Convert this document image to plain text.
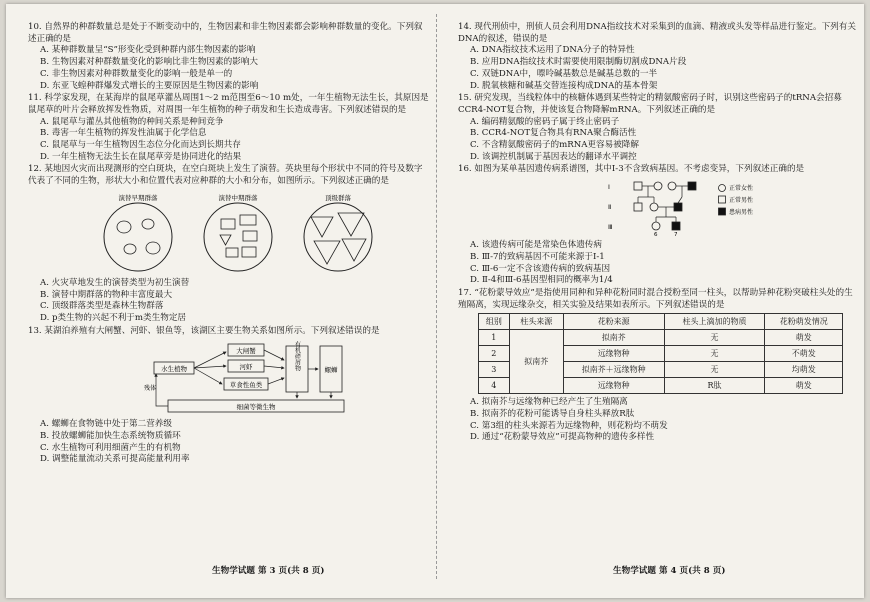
10. 自然界的种群数量总是处于不断变动中的，生物因素和非生物因素都会影响种群数量的变化。下列叙述正确的是
A. 某种群数量呈“S”形变化受到种群内部生物因素的影响
B. 生物因素对种群数量变化的影响比非生物因素的影响大
C. 非生物因素对种群数量变化的影响一般是单一的
D. 东亚飞蝗种群爆发式增长的主要原因是生物因素的影响
11. 科学家发现，在某海岸的鼠尾草灌丛周围1～2 m范围至6～10 m处，一年生植物无法生长，其原因是鼠尾草的叶片会释放挥发性物质，对周围一年生植物的种子萌发和生长造成毒害。下列叙述错误的是
A. 鼠尾草与灌丛其他植物的种间关系是种间竞争
B. 毒害一年生植物的挥发性油属于化学信息
C. 鼠尾草与一年生植物因生态位分化而达到长期共存
D. 一年生植物无法生长在鼠尾草旁是协同进化的结果
12. 某地因火灾而出现测形的空白斑块，在空白斑块上发生了演替。英块里每个形状中不同的符号及数字代表了不同的生物，形状大小和位置代表对应种群的大小和分布，如图所示。下列叙述正确的是
演替早期群落	演替中期群落	顶级群落
A. 火灾草地发生的演替类型为初生演替
B. 演替中期群落的物种丰富度最大
C. 顶级群落类型是森林生物群落
D. p类生物的兴起不利于m类生物定居
13. 某湖泊养殖有大闸蟹、河虾、银鱼等，该湖区主要生物关系如图所示。下列叙述错误的是
大闸蟹
河虾
水生植物
草食性鱼类
有机碎屑物	螺蛳
残体
细菌等微生物
A. 螺蛳在食物链中处于第二营养级
B. 投放螺蛳能加快生态系统物质循环
C. 水生植物可利用细菌产生的有机物
D. 调整能量流动关系可提高能量利用率
14. 现代刑侦中，刑侦人员会利用DNA指纹技术对采集到的血滴、精液或头发等样品进行鉴定。下列有关DNA的叙述，错误的是
A. DNA指纹技术运用了DNA分子的特异性
B. 应用DNA指纹技术时需要使用限制酶切割成DNA片段
C. 双链DNA中，嘌呤碱基数总是碱基总数的一半
D. 脱氧核糖和碱基交替连接构成DNA的基本骨架
15. 研究发现，当线粒体中的核糖体遇到某些特定的精氨酸密码子时，识别这些密码子的tRNA会招募CCR4-NOT复合物，并使该复合物降解mRNA。下列叙述正确的是
A. 编码精氨酸的密码子属于终止密码子
B. CCR4-NOT复合物具有RNA聚合酶活性
C. 不含精氨酸密码子的mRNA更容易被降解
D. 该调控机制属于基因表达的翻译水平调控
16. 如图为某单基因遗传病系谱图，其中Ⅰ-3不含致病基因。不考虑变异，下列叙述正确的是
Ⅰ
Ⅱ
Ⅲ
6	7
正常女性
正常男性
患病男性
A. 该遗传病可能是常染色体遗传病
B. Ⅲ-7的致病基因不可能来源于Ⅰ-1
C. Ⅲ-6一定不含该遗传病的致病基因
D. Ⅱ-4和Ⅲ-6基因型相同的概率为1/4
17. “花粉蒙导效应”是指使用同种和异种花粉同时混合授粉至同一柱头，以帮助异种花粉突破柱头处的生殖隔离，实现远缘杂交，相关实验及结果如表所示。下列叙述错误的是
组别	柱头来源	花粉来源	柱头上滴加的物质	花粉萌发情况
1	拟南芥	拟南芥	无	萌发
2		远缘物种	无	不萌发
3		拟南芥＋远缘物种	无	均萌发
4		远缘物种	R肽	萌发
A. 拟南芥与远缘物种已经产生了生殖隔离
B. 拟南芥的花粉可能诱导自身柱头释放R肽
C. 第3组的柱头来源若为远缘物种，则花粉均不萌发
D. 通过“花粉蒙导效应”可提高物种的遗传多样性
生物学试题 第 3 页(共 8 页)	生物学试题 第 4 页(共 8 页)
